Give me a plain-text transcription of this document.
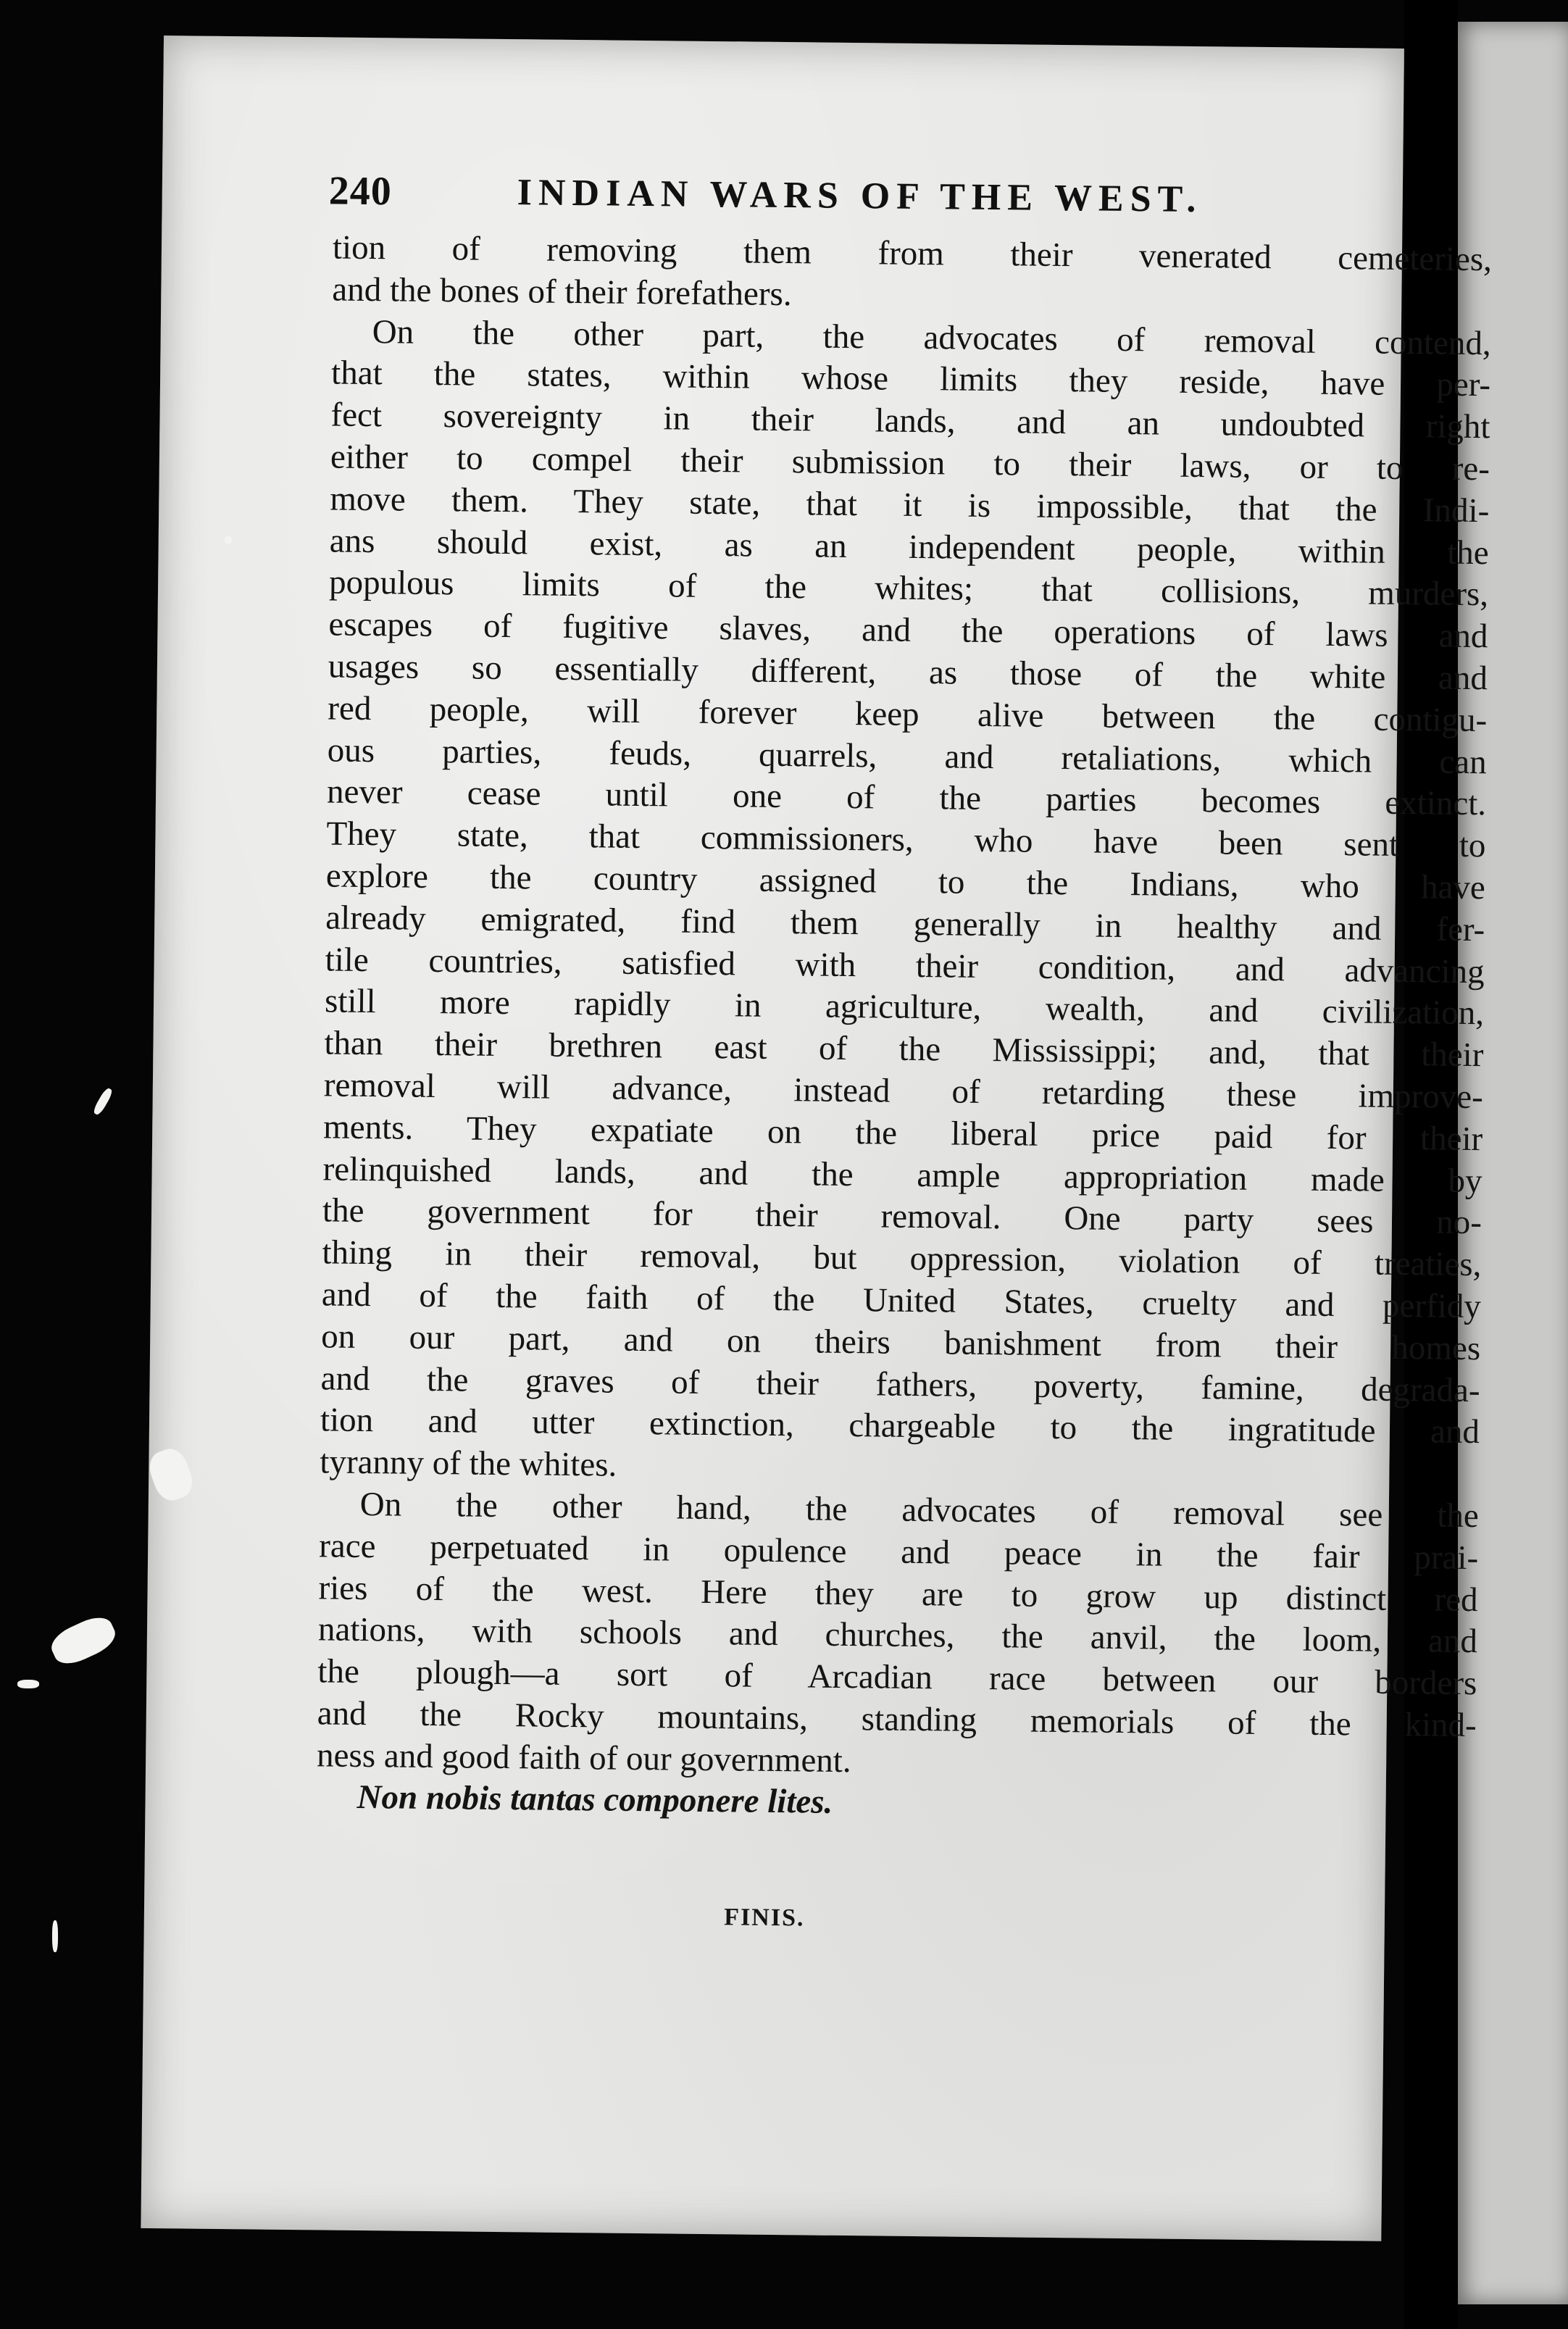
240	INDIAN WARS OF THE WEST.
tion of removing them from their venerated cemeteries,
and the bones of their forefathers.
On the other part, the advocates of removal contend,
that the states, within whose limits they reside, have per-
fect sovereignty in their lands, and an undoubted right
either to compel their submission to their laws, or to re-
move them. They state, that it is impossible, that the Indi-
ans should exist, as an independent people, within the
populous limits of the whites; that collisions, murders,
escapes of fugitive slaves, and the operations of laws and
usages so essentially different, as those of the white and
red people, will forever keep alive between the contigu-
ous parties, feuds, quarrels, and retaliations, which can
never cease until one of the parties becomes extinct.
They state, that commissioners, who have been sent to
explore the country assigned to the Indians, who have
already emigrated, find them generally in healthy and fer-
tile countries, satisfied with their condition, and advancing
still more rapidly in agriculture, wealth, and civilization,
than their brethren east of the Mississippi; and, that their
removal will advance, instead of retarding these improve-
ments. They expatiate on the liberal price paid for their
relinquished lands, and the ample appropriation made by
the government for their removal. One party sees no-
thing in their removal, but oppression, violation of treaties,
and of the faith of the United States, cruelty and perfidy
on our part, and on theirs banishment from their homes
and the graves of their fathers, poverty, famine, degrada-
tion and utter extinction, chargeable to the ingratitude and
tyranny of the whites.
On the other hand, the advocates of removal see the
race perpetuated in opulence and peace in the fair prai-
ries of the west. Here they are to grow up distinct red
nations, with schools and churches, the anvil, the loom, and
the plough—a sort of Arcadian race between our borders
and the Rocky mountains, standing memorials of the kind-
ness and good faith of our government.
Non nobis tantas componere lites.
FINIS.
